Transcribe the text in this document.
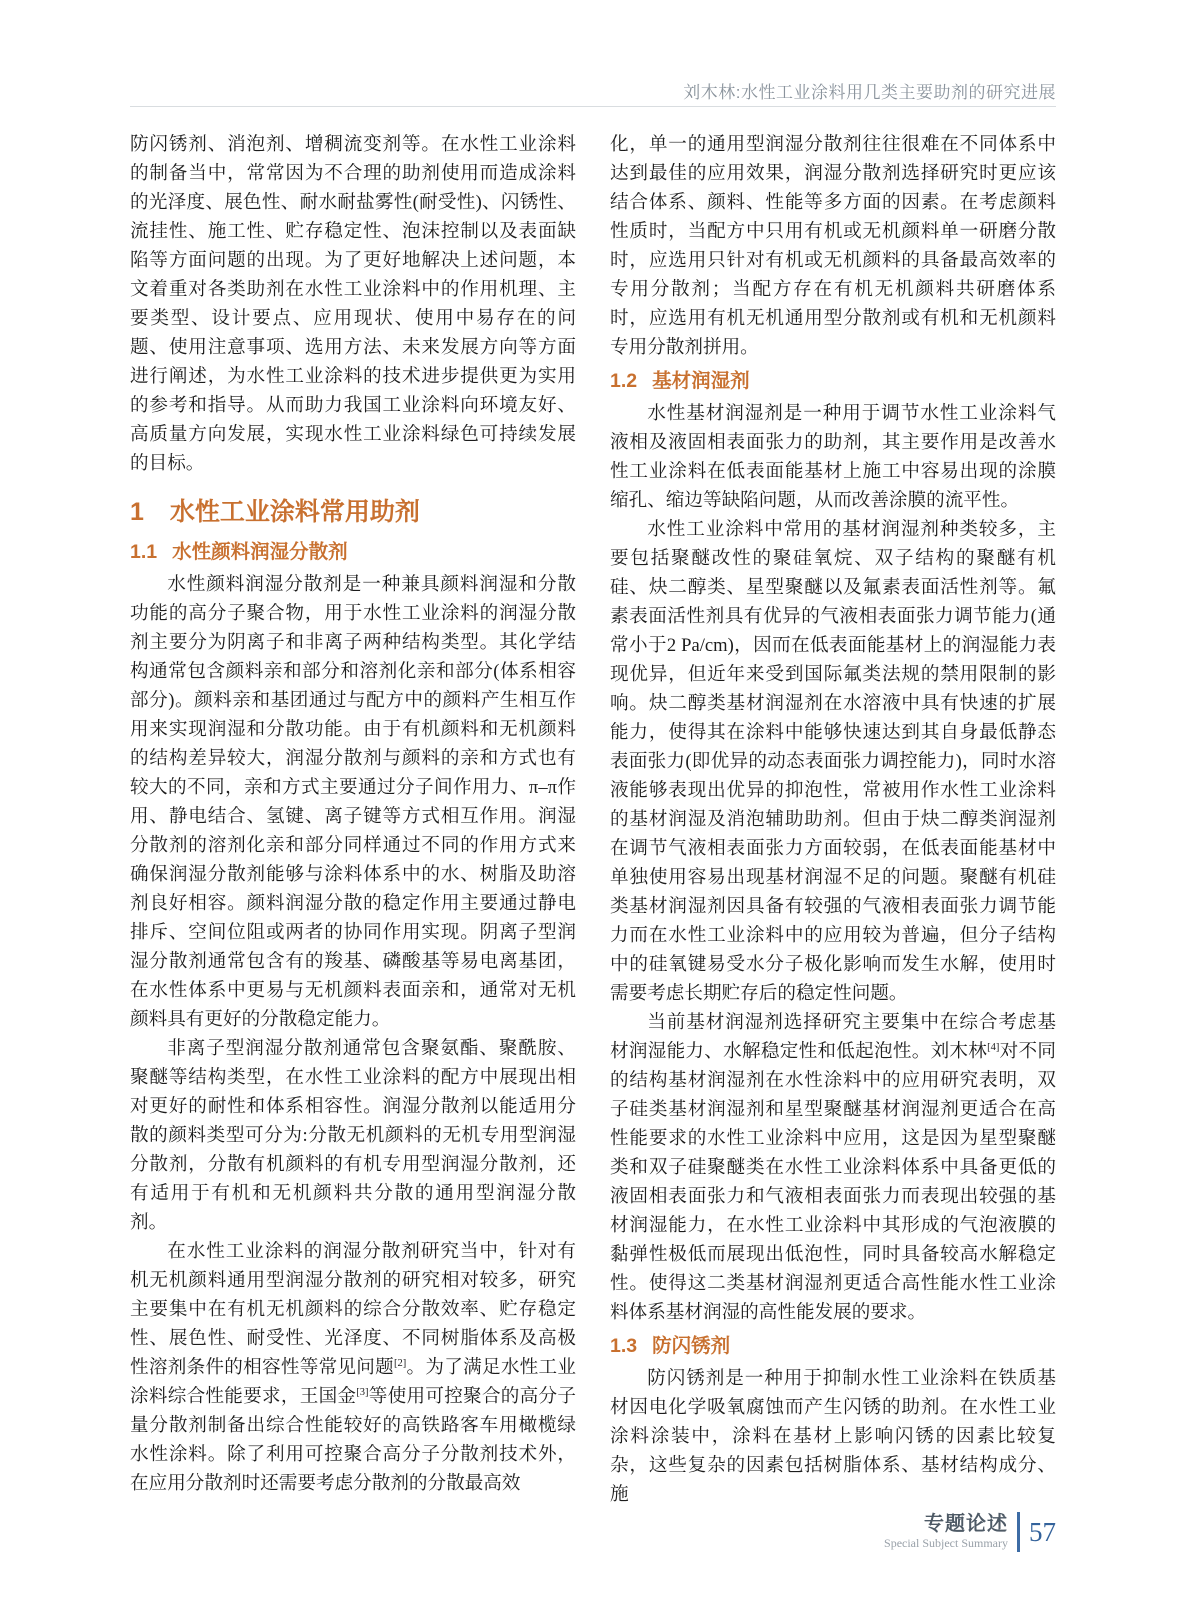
刘木林:水性工业涂料用几类主要助剂的研究进展

防闪锈剂、消泡剂、增稠流变剂等。在水性工业涂料的制备当中，常常因为不合理的助剂使用而造成涂料的光泽度、展色性、耐水耐盐雾性(耐受性)、闪锈性、流挂性、施工性、贮存稳定性、泡沫控制以及表面缺陷等方面问题的出现。为了更好地解决上述问题，本文着重对各类助剂在水性工业涂料中的作用机理、主要类型、设计要点、应用现状、使用中易存在的问题、使用注意事项、选用方法、未来发展方向等方面进行阐述，为水性工业涂料的技术进步提供更为实用的参考和指导。从而助力我国工业涂料向环境友好、高质量方向发展，实现水性工业涂料绿色可持续发展的目标。

1 水性工业涂料常用助剂
1.1 水性颜料润湿分散剂

水性颜料润湿分散剂是一种兼具颜料润湿和分散功能的高分子聚合物，用于水性工业涂料的润湿分散剂主要分为阴离子和非离子两种结构类型。其化学结构通常包含颜料亲和部分和溶剂化亲和部分(体系相容部分)。颜料亲和基团通过与配方中的颜料产生相互作用来实现润湿和分散功能。由于有机颜料和无机颜料的结构差异较大，润湿分散剂与颜料的亲和方式也有较大的不同，亲和方式主要通过分子间作用力、π–π作用、静电结合、氢键、离子键等方式相互作用。润湿分散剂的溶剂化亲和部分同样通过不同的作用方式来确保润湿分散剂能够与涂料体系中的水、树脂及助溶剂良好相容。颜料润湿分散的稳定作用主要通过静电排斥、空间位阻或两者的协同作用实现。阴离子型润湿分散剂通常包含有的羧基、磷酸基等易电离基团，在水性体系中更易与无机颜料表面亲和，通常对无机颜料具有更好的分散稳定能力。

非离子型润湿分散剂通常包含聚氨酯、聚酰胺、聚醚等结构类型，在水性工业涂料的配方中展现出相对更好的耐性和体系相容性。润湿分散剂以能适用分散的颜料类型可分为:分散无机颜料的无机专用型润湿分散剂，分散有机颜料的有机专用型润湿分散剂，还有适用于有机和无机颜料共分散的通用型润湿分散剂。

在水性工业涂料的润湿分散剂研究当中，针对有机无机颜料通用型润湿分散剂的研究相对较多，研究主要集中在有机无机颜料的综合分散效率、贮存稳定性、展色性、耐受性、光泽度、不同树脂体系及高极性溶剂条件的相容性等常见问题[2]。为了满足水性工业涂料综合性能要求，王国金[3]等使用可控聚合的高分子量分散剂制备出综合性能较好的高铁路客车用橄榄绿水性涂料。除了利用可控聚合高分子分散剂技术外，在应用分散剂时还需要考虑分散剂的分散最高效

化，单一的通用型润湿分散剂往往很难在不同体系中达到最佳的应用效果，润湿分散剂选择研究时更应该结合体系、颜料、性能等多方面的因素。在考虑颜料性质时，当配方中只用有机或无机颜料单一研磨分散时，应选用只针对有机或无机颜料的具备最高效率的专用分散剂；当配方存在有机无机颜料共研磨体系时，应选用有机无机通用型分散剂或有机和无机颜料专用分散剂拼用。

1.2 基材润湿剂

水性基材润湿剂是一种用于调节水性工业涂料气液相及液固相表面张力的助剂，其主要作用是改善水性工业涂料在低表面能基材上施工中容易出现的涂膜缩孔、缩边等缺陷问题，从而改善涂膜的流平性。

水性工业涂料中常用的基材润湿剂种类较多，主要包括聚醚改性的聚硅氧烷、双子结构的聚醚有机硅、炔二醇类、星型聚醚以及氟素表面活性剂等。氟素表面活性剂具有优异的气液相表面张力调节能力(通常小于2 Pa/cm)，因而在低表面能基材上的润湿能力表现优异，但近年来受到国际氟类法规的禁用限制的影响。炔二醇类基材润湿剂在水溶液中具有快速的扩展能力，使得其在涂料中能够快速达到其自身最低静态表面张力(即优异的动态表面张力调控能力)，同时水溶液能够表现出优异的抑泡性，常被用作水性工业涂料的基材润湿及消泡辅助助剂。但由于炔二醇类润湿剂在调节气液相表面张力方面较弱，在低表面能基材中单独使用容易出现基材润湿不足的问题。聚醚有机硅类基材润湿剂因具备有较强的气液相表面张力调节能力而在水性工业涂料中的应用较为普遍，但分子结构中的硅氧键易受水分子极化影响而发生水解，使用时需要考虑长期贮存后的稳定性问题。

当前基材润湿剂选择研究主要集中在综合考虑基材润湿能力、水解稳定性和低起泡性。刘木林[4]对不同的结构基材润湿剂在水性涂料中的应用研究表明，双子硅类基材润湿剂和星型聚醚基材润湿剂更适合在高性能要求的水性工业涂料中应用，这是因为星型聚醚类和双子硅聚醚类在水性工业涂料体系中具备更低的液固相表面张力和气液相表面张力而表现出较强的基材润湿能力，在水性工业涂料中其形成的气泡液膜的黏弹性极低而展现出低泡性，同时具备较高水解稳定性。使得这二类基材润湿剂更适合高性能水性工业涂料体系基材润湿的高性能发展的要求。

1.3 防闪锈剂

防闪锈剂是一种用于抑制水性工业涂料在铁质基材因电化学吸氧腐蚀而产生闪锈的助剂。在水性工业涂料涂装中，涂料在基材上影响闪锈的因素比较复杂，这些复杂的因素包括树脂体系、基材结构成分、施

专题论述
Special Subject Summary 57
